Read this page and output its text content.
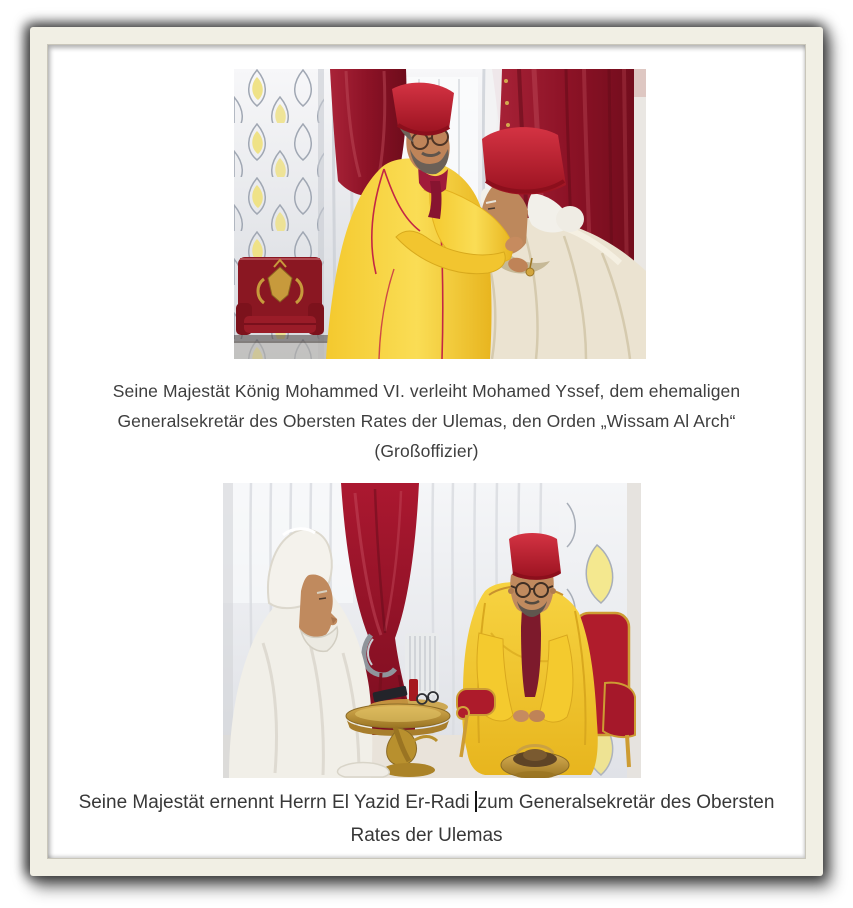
Seine Majestät König Mohammed VI. verleiht Mohamed Yssef, dem ehemaligen
Generalsekretär des Obersten Rates der Ulemas, den Orden „Wissam Al Arch“
(Großoffizier)
Seine Majestät ernennt Herrn El Yazid Er-Radi zum Generalsekretär des Obersten
Rates der Ulemas
